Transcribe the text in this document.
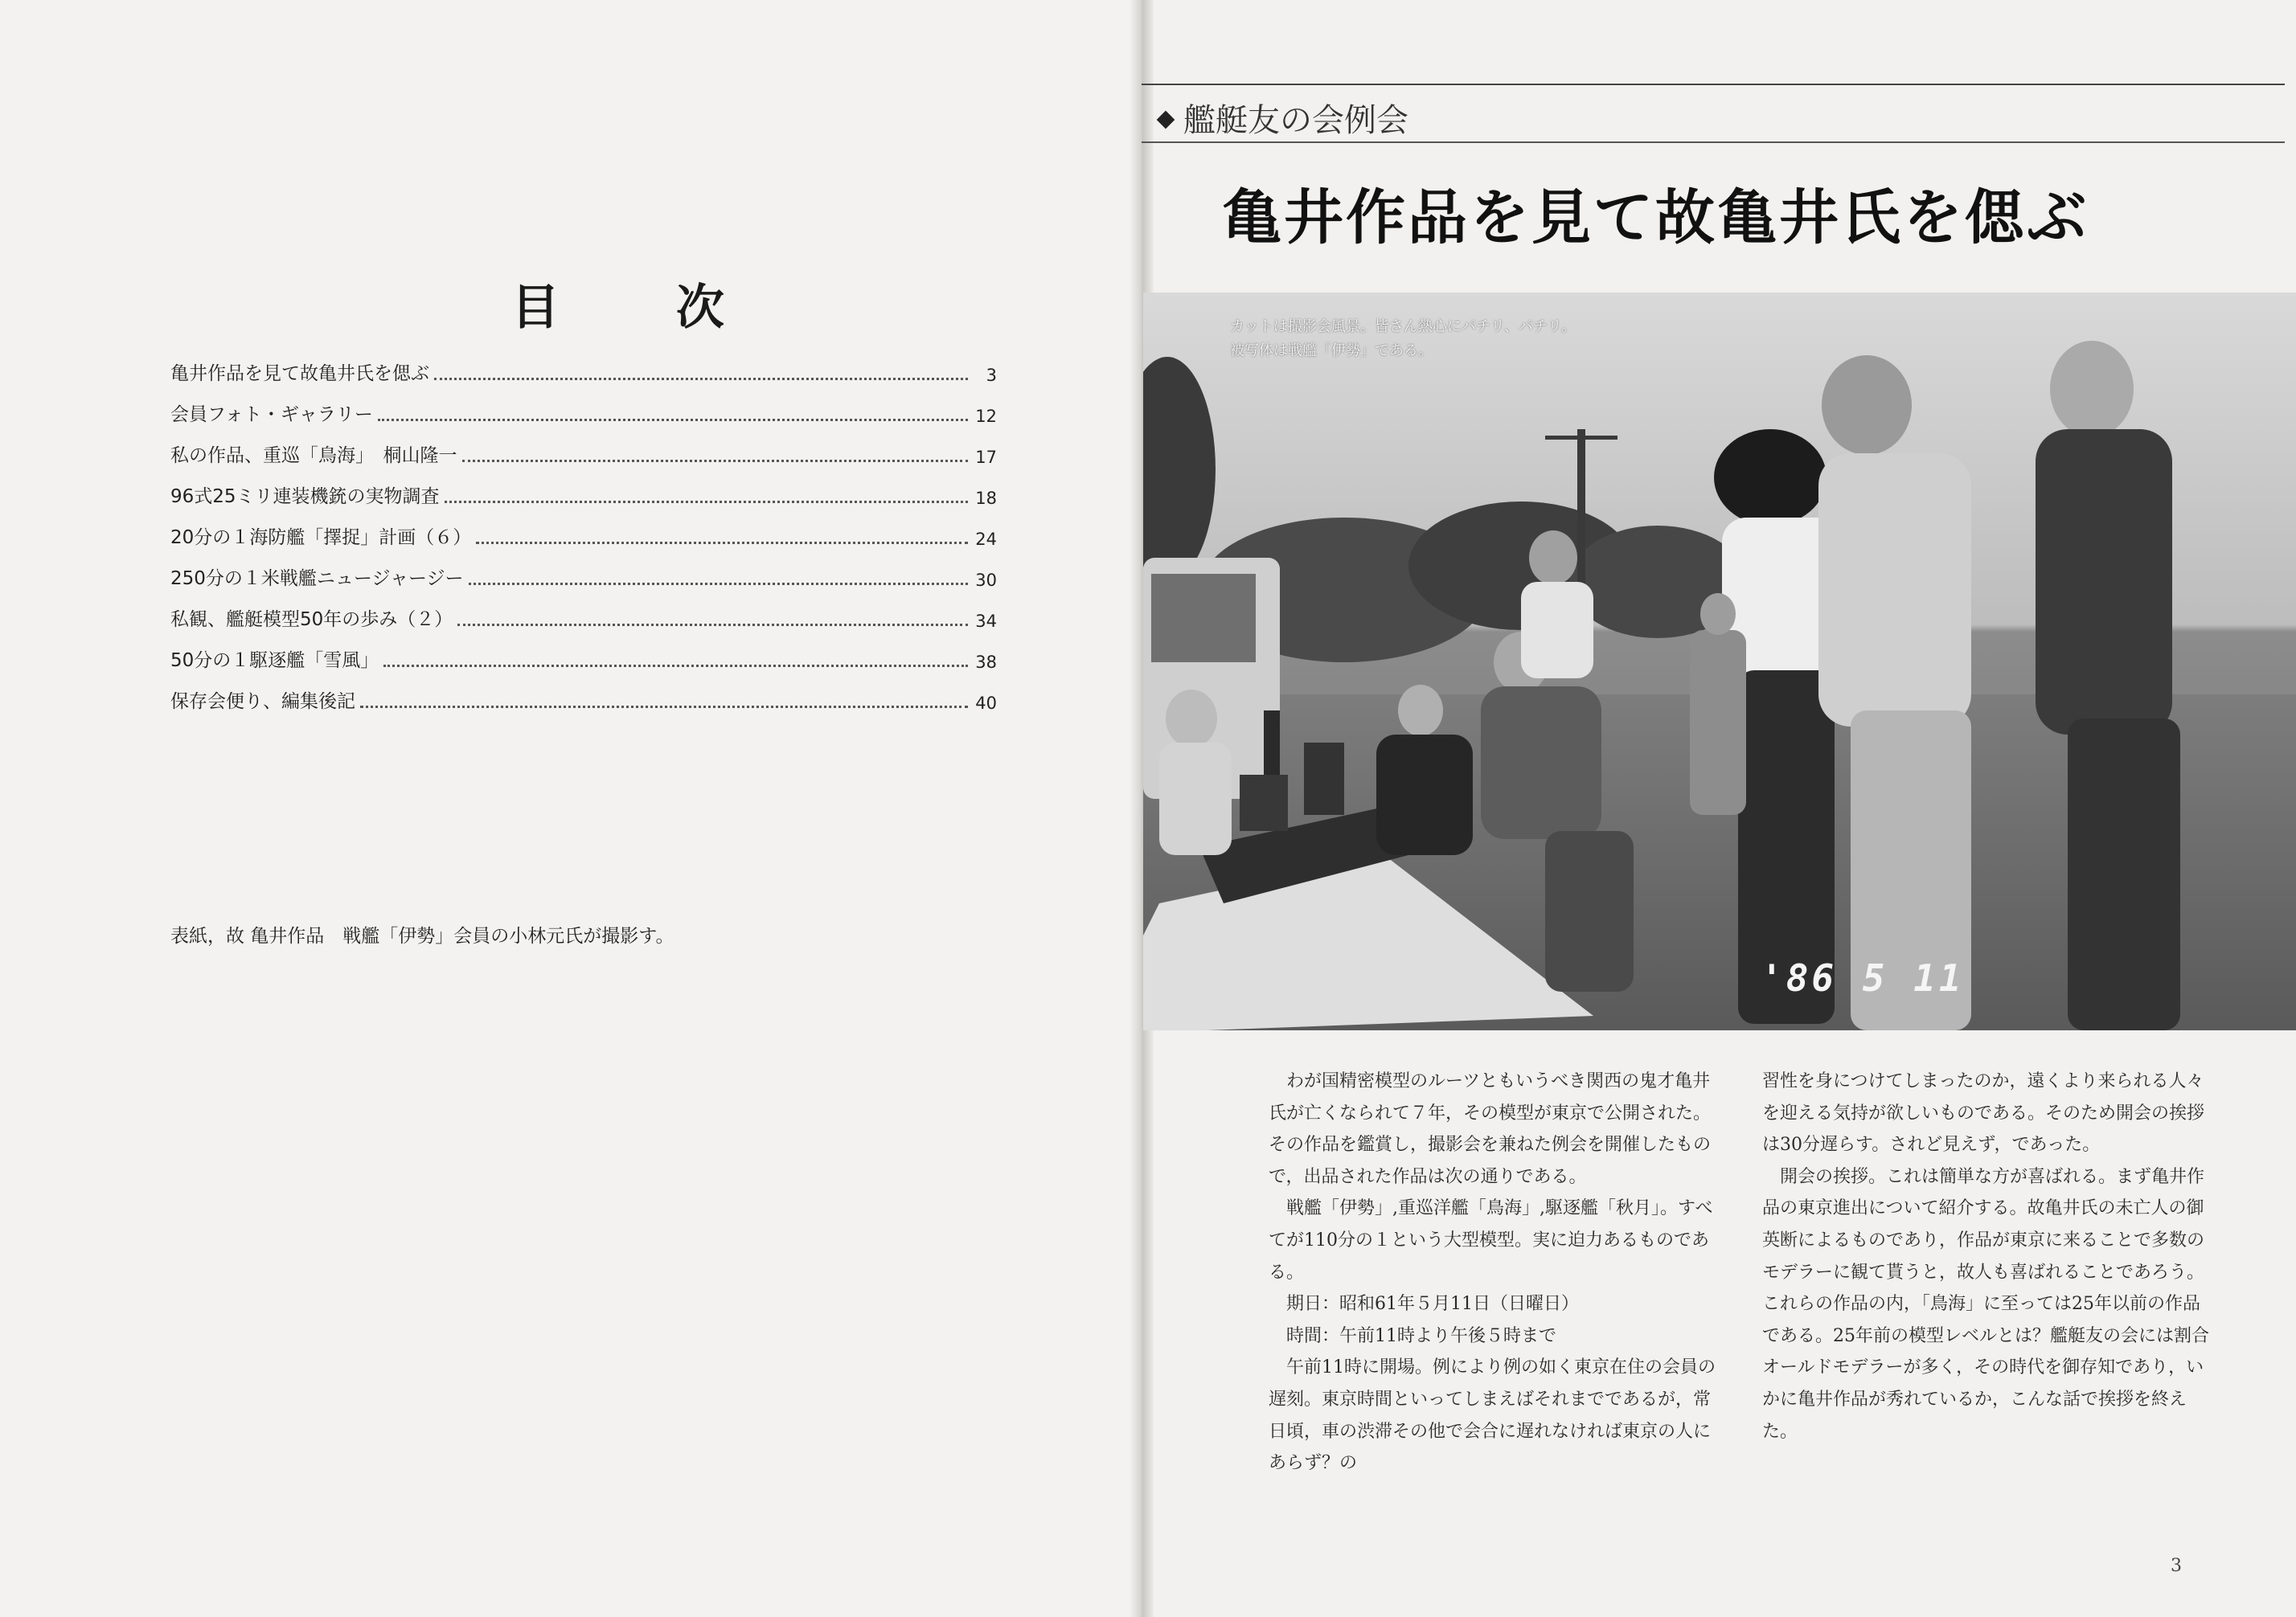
目 次
亀井作品を見て故亀井氏を偲ぶ	3
会員フォト・ギャラリー	12
私の作品、重巡「鳥海」　桐山隆一	17
96式25ミリ連装機銃の実物調査	18
20分の１海防艦「擇捉」計画（６）	24
250分の１米戦艦ニュージャージー	30
私観、艦艇模型50年の歩み（２）	34
50分の１駆逐艦「雪風」	38
保存会便り、編集後記	40
表紙，故 亀井作品　戦艦「伊勢」会員の小林元氏が撮影す。
艦艇友の会例会
亀井作品を見て故亀井氏を偲ぶ
カットは撮影会風景。皆さん熱心にパチリ、パチリ。被写体は戦艦「伊勢」である。
'86 5 11

　わが国精密模型のルーツともいうべき関西の鬼才亀井氏が亡くなられて７年，その模型が東京で公開された。その作品を鑑賞し，撮影会を兼ねた例会を開催したもので，出品された作品は次の通りである。

　戦艦「伊勢」,重巡洋艦「鳥海」,駆逐艦「秋月」。すべてが110分の１という大型模型。実に迫力あるものである。

　期日：昭和61年５月11日（日曜日）

　時間：午前11時より午後５時まで

　午前11時に開場。例により例の如く東京在住の会員の遅刻。東京時間といってしまえばそれまでであるが，常日頃，車の渋滞その他で会合に遅れなければ東京の人にあらず？の

習性を身につけてしまったのか，遠くより来られる人々を迎える気持が欲しいものである。そのため開会の挨拶は30分遅らす。されど見えず，であった。

　開会の挨拶。これは簡単な方が喜ばれる。まず亀井作品の東京進出について紹介する。故亀井氏の未亡人の御英断によるものであり，作品が東京に来ることで多数のモデラーに観て貰うと，故人も喜ばれることであろう。これらの作品の内，「鳥海」に至っては25年以前の作品である。25年前の模型レベルとは？艦艇友の会には割合オールドモデラーが多く，その時代を御存知であり，いかに亀井作品が秀れているか，こんな話で挨拶を終えた。

3
